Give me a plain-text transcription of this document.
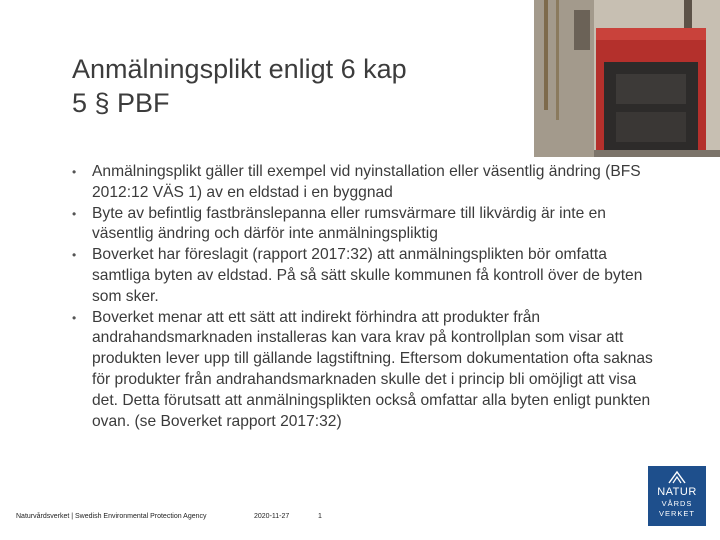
Anmälningsplikt enligt 6 kap
5 § PBF
•	Anmälningsplikt gäller till exempel vid nyinstallation eller väsentlig ändring (BFS 2012:12 VÄS 1) av en eldstad i en byggnad
•	Byte av befintlig fastbränslepanna eller rumsvärmare till likvärdig är inte en väsentlig ändring och därför inte anmälningspliktig
•	Boverket har föreslagit (rapport 2017:32) att anmälningsplikten bör omfatta samtliga byten av eldstad. På så sätt skulle kommunen få kontroll över de byten som sker.
•	Boverket menar att ett sätt att indirekt förhindra att produkter från andrahandsmarknaden installeras kan vara krav på kontrollplan som visar att produkten lever upp till gällande lagstiftning. Eftersom dokumentation ofta saknas för produkter från andrahandsmarknaden skulle det i princip bli omöjligt att visa det. Detta förutsatt att anmälningsplikten också omfattar alla byten enligt punkten ovan. (se Boverket rapport 2017:32)
Naturvårdsverket | Swedish Environmental Protection Agency	2020-11-27	1
NATUR
VÅRDS
VERKET
